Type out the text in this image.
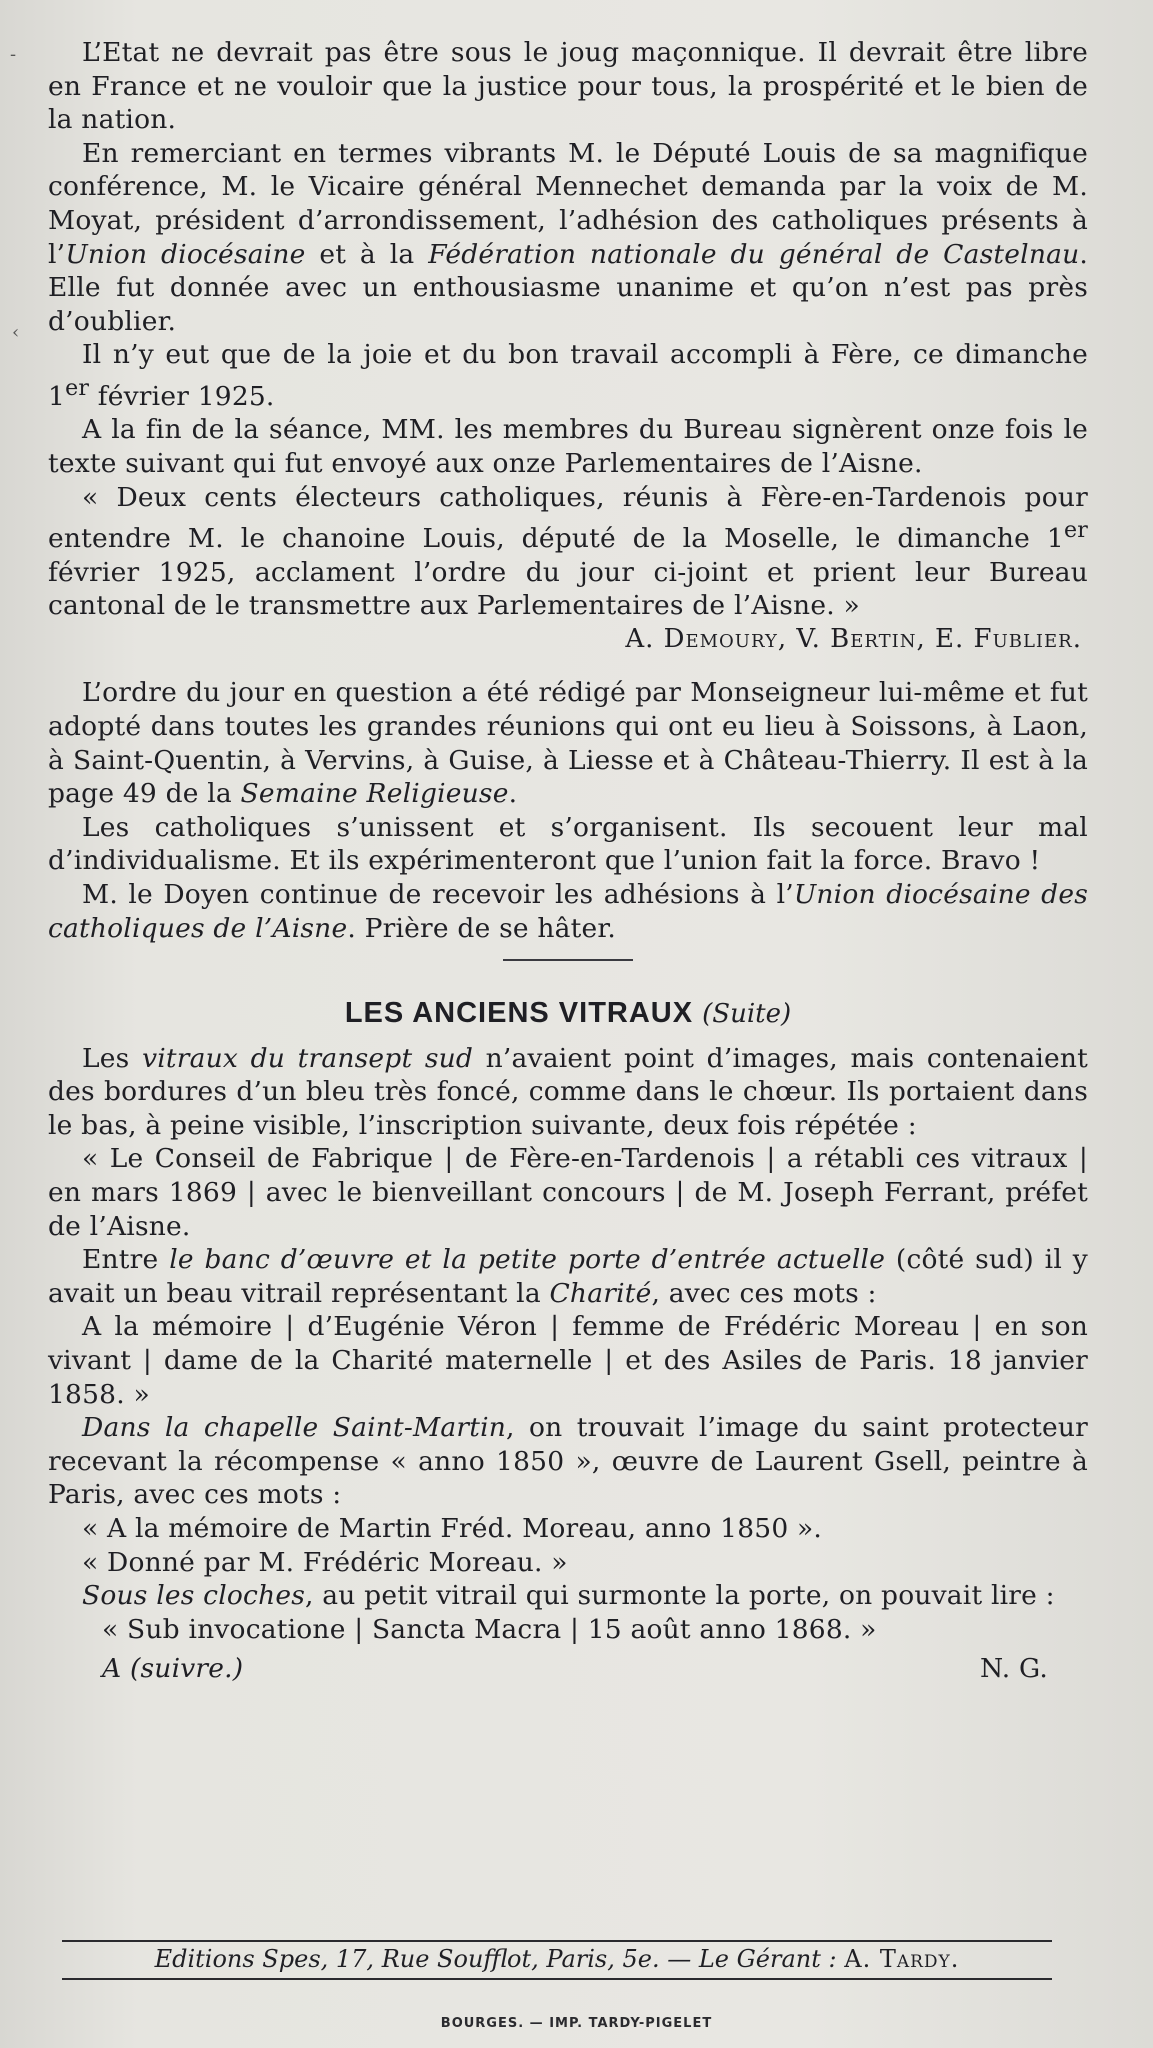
-
‹

L’Etat ne devrait pas être sous le joug maçonnique. Il devrait être libre en France et ne vouloir que la justice pour tous, la prospérité et le bien de la nation.

En remerciant en termes vibrants M. le Député Louis de sa magnifique conférence, M. le Vicaire général Mennechet demanda par la voix de M. Moyat, président d’arrondissement, l’adhésion des catholiques présents à l’Union diocésaine et à la Fédération nationale du général de Castelnau. Elle fut donnée avec un enthousiasme unanime et qu’on n’est pas près d’oublier.

Il n’y eut que de la joie et du bon travail accompli à Fère, ce dimanche 1er février 1925.

A la fin de la séance, MM. les membres du Bureau signèrent onze fois le texte suivant qui fut envoyé aux onze Parlementaires de l’Aisne.

« Deux cents électeurs catholiques, réunis à Fère-en-Tardenois pour entendre M. le chanoine Louis, député de la Moselle, le dimanche 1er février 1925, acclament l’ordre du jour ci-joint et prient leur Bureau cantonal de le transmettre aux Parlementaires de l’Aisne. »

A. Demoury, V. Bertin, E. Fublier.

L’ordre du jour en question a été rédigé par Monseigneur lui-même et fut adopté dans toutes les grandes réunions qui ont eu lieu à Soissons, à Laon, à Saint-Quentin, à Vervins, à Guise, à Liesse et à Château-Thierry. Il est à la page 49 de la Semaine Religieuse.

Les catholiques s’unissent et s’organisent. Ils secouent leur mal d’individualisme. Et ils expérimenteront que l’union fait la force. Bravo !

M. le Doyen continue de recevoir les adhésions à l’Union diocésaine des catholiques de l’Aisne. Prière de se hâter.

LES ANCIENS VITRAUX (Suite)

Les vitraux du transept sud n’avaient point d’images, mais contenaient des bordures d’un bleu très foncé, comme dans le chœur. Ils portaient dans le bas, à peine visible, l’inscription suivante, deux fois répétée :

« Le Conseil de Fabrique | de Fère-en-Tardenois | a rétabli ces vitraux | en mars 1869 | avec le bienveillant concours | de M. Joseph Ferrant, préfet de l’Aisne.

Entre le banc d’œuvre et la petite porte d’entrée actuelle (côté sud) il y avait un beau vitrail représentant la Charité, avec ces mots :

A la mémoire | d’Eugénie Véron | femme de Frédéric Moreau | en son vivant | dame de la Charité maternelle | et des Asiles de Paris. 18 janvier 1858. »

Dans la chapelle Saint-Martin, on trouvait l’image du saint protecteur recevant la récompense « anno 1850 », œuvre de Laurent Gsell, peintre à Paris, avec ces mots :

« A la mémoire de Martin Fréd. Moreau, anno 1850 ».

« Donné par M. Frédéric Moreau. »

Sous les cloches, au petit vitrail qui surmonte la porte, on pouvait lire :

« Sub invocatione | Sancta Macra | 15 août anno 1868. »

A (suivre.)	N. G.
Editions Spes, 17, Rue Soufflot, Paris, 5e. — Le Gérant : A. Tardy.
BOURGES. — IMP. TARDY-PIGELET
